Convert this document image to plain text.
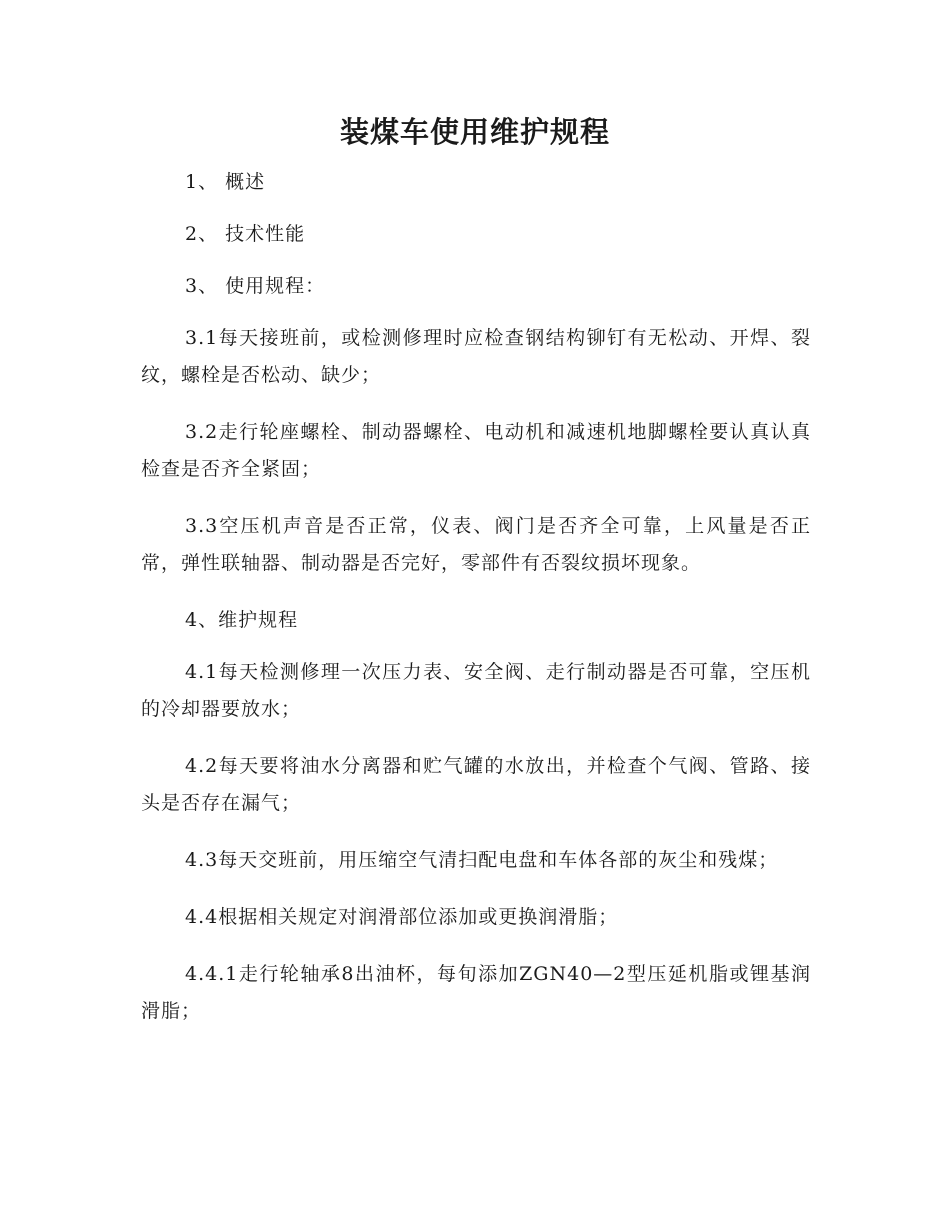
装煤车使用维护规程

1、 概述

2、 技术性能

3、 使用规程：

3.1每天接班前，或检测修理时应检查钢结构铆钉有无松动、开焊、裂纹，螺栓是否松动、缺少；

3.2走行轮座螺栓、制动器螺栓、电动机和减速机地脚螺栓要认真认真检查是否齐全紧固；

3.3空压机声音是否正常，仪表、阀门是否齐全可靠，上风量是否正常，弹性联轴器、制动器是否完好，零部件有否裂纹损坏现象。

4、维护规程

4.1每天检测修理一次压力表、安全阀、走行制动器是否可靠，空压机的冷却器要放水；

4.2每天要将油水分离器和贮气罐的水放出，并检查个气阀、管路、接头是否存在漏气；

4.3每天交班前，用压缩空气清扫配电盘和车体各部的灰尘和残煤；

4.4根据相关规定对润滑部位添加或更换润滑脂；

4.4.1走行轮轴承8出油杯，每旬添加ZGN40—2型压延机脂或锂基润滑脂；
